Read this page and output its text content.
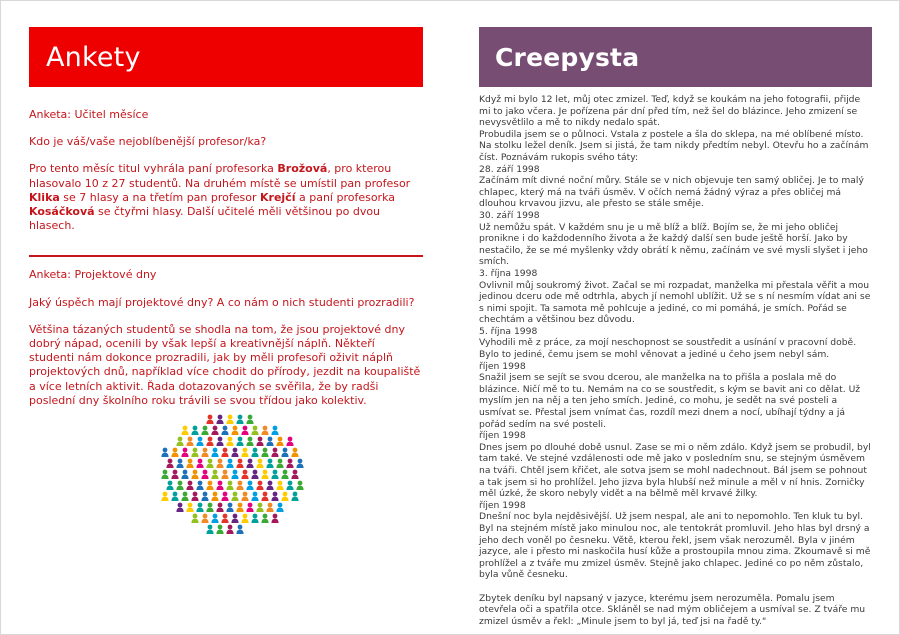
Ankety
Anketa: Učitel měsíce
Kdo je váš/vaše nejoblíbenější profesor/ka?
Pro tento měsíc titul vyhrála paní profesorka Brožová, pro kterou hlasovalo 10 z 27 studentů. Na druhém místě se umístil pan profesor Klika se 7 hlasy a na třetím pan profesor Krejčí a paní profesorka Kosáčková se čtyřmi hlasy. Další učitelé měli většinou po dvou hlasech.
Anketa: Projektové dny
Jaký úspěch mají projektové dny? A co nám o nich studenti prozradili?
Většina tázaných studentů se shodla na tom, že jsou projektové dny dobrý nápad, ocenili by však lepší a kreativnější náplň. Někteří studenti nám dokonce prozradili, jak by měli profesoři oživit náplň projektových dnů, například více chodit do přírody, jezdit na koupaliště a více letních aktivit. Řada dotazovaných se svěřila, že by radši poslední dny školního roku trávili se svou třídou jako kolektiv.
Creepysta

Když mi bylo 12 let, můj otec zmizel. Teď, když se koukám na jeho fotografii, přijde mi to jako včera. Je pořízena pár dní před tím, než šel do blázince. Jeho zmizení se nevysvětlilo a mě to nikdy nedalo spát.

Probudila jsem se o půlnoci. Vstala z postele a šla do sklepa, na mé oblíbené místo. Na stolku ležel deník. Jsem si jistá, že tam nikdy předtím nebyl. Otevřu ho a začínám číst. Poznávám rukopis svého táty:

28. září 1998

Začínám mít divné noční můry. Stále se v nich objevuje ten samý obličej. Je to malý chlapec, který má na tváři úsměv. V očích nemá žádný výraz a přes obličej má dlouhou krvavou jizvu, ale přesto se stále směje.

30. září 1998

Už nemůžu spát. V každém snu je u mě blíž a blíž. Bojím se, že mi jeho obličej pronikne i do každodenního života a že každý další sen bude ještě horší. Jako by nestačilo, že se mé myšlenky vždy obrátí k němu, začínám ve své mysli slyšet i jeho smích.

3. října 1998

Ovlivnil můj soukromý život. Začal se mi rozpadat, manželka mi přestala věřit a mou jedinou dceru ode mě odtrhla, abych jí nemohl ublížit. Už se s ní nesmím vídat ani se s nimi spojit. Ta samota mě pohlcuje a jediné, co mi pomáhá, je smích. Pořád se chechtám a většinou bez důvodu.

5. října 1998

Vyhodili mě z práce, za mojí neschopnost se soustředit a usínání v pracovní době. Bylo to jediné, čemu jsem se mohl věnovat a jediné u čeho jsem nebyl sám.

říjen 1998

Snažil jsem se sejít se svou dcerou, ale manželka na to přišla a poslala mě do blázince. Ničí mě to tu. Nemám na co se soustředit, s kým se bavit ani co dělat. Už myslím jen na něj a ten jeho smích. Jediné, co mohu, je sedět na své posteli a usmívat se. Přestal jsem vnímat čas, rozdíl mezi dnem a nocí, ubíhají týdny a já pořád sedím na své posteli.

říjen 1998

Dnes jsem po dlouhé době usnul. Zase se mi o něm zdálo. Když jsem se probudil, byl tam také. Ve stejné vzdálenosti ode mě jako v posledním snu, se stejným úsměvem na tváři. Chtěl jsem křičet, ale sotva jsem se mohl nadechnout. Bál jsem se pohnout a tak jsem si ho prohlížel. Jeho jizva byla hlubší než minule a měl v ní hnis. Zorničky měl úzké, že skoro nebyly vidět a na bělmě měl krvavé žilky.

říjen 1998

Dnešní noc byla nejděsivější. Už jsem nespal, ale ani to nepomohlo. Ten kluk tu byl. Byl na stejném místě jako minulou noc, ale tentokrát promluvil. Jeho hlas byl drsný a jeho dech voněl po česneku. Větě, kterou řekl, jsem však nerozuměl. Byla v jiném jazyce, ale i přesto mi naskočila husí kůže a prostoupila mnou zima. Zkoumavě si mě prohlížel a z tváře mu zmizel úsměv. Stejně jako chlapec. Jediné co po něm zůstalo, byla vůně česneku.

Zbytek deníku byl napsaný v jazyce, kterému jsem nerozuměla. Pomalu jsem otevřela oči a spatřila otce. Skláněl se nad mým obličejem a usmíval se. Z tváře mu zmizel úsměv a řekl: „Minule jsem to byl já, teď jsi na řadě ty."
